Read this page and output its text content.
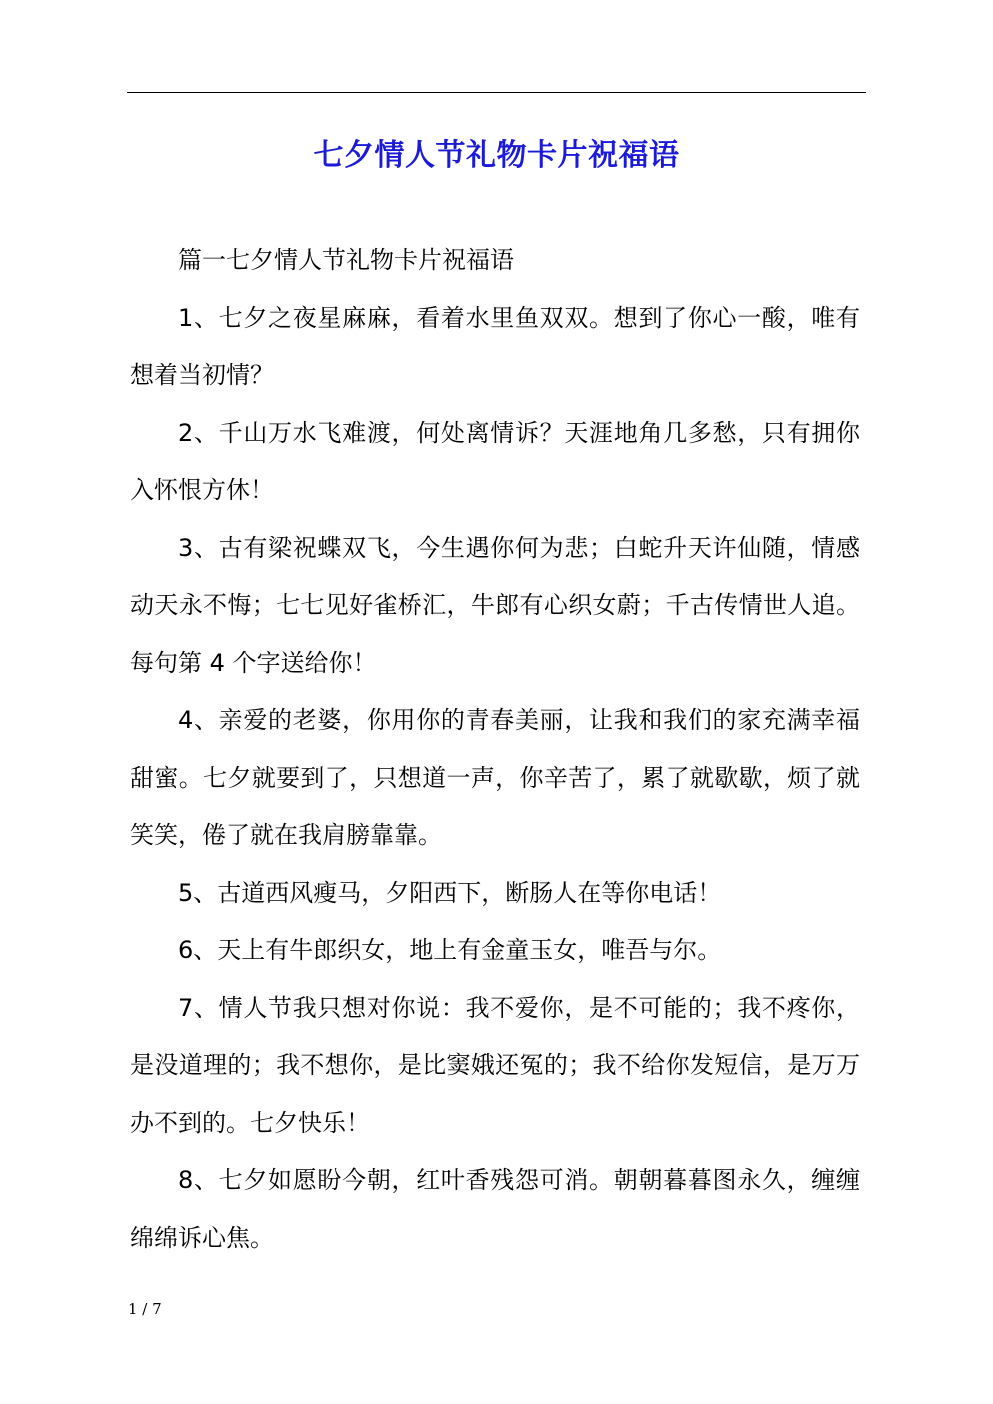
七夕情人节礼物卡片祝福语

篇一七夕情人节礼物卡片祝福语

1、七夕之夜星麻麻，看着水里鱼双双。想到了你心一酸，唯有想着当初情？

2、千山万水飞难渡，何处离情诉？天涯地角几多愁，只有拥你入怀恨方休！

3、古有梁祝蝶双飞，今生遇你何为悲；白蛇升天许仙随，情感动天永不悔；七七见好雀桥汇，牛郎有心织女蔚；千古传情世人追。每句第 4 个字送给你！

4、亲爱的老婆，你用你的青春美丽，让我和我们的家充满幸福甜蜜。七夕就要到了，只想道一声，你辛苦了，累了就歇歇，烦了就笑笑，倦了就在我肩膀靠靠。

5、古道西风瘦马，夕阳西下，断肠人在等你电话！

6、天上有牛郎织女，地上有金童玉女，唯吾与尔。

7、情人节我只想对你说：我不爱你，是不可能的；我不疼你，是没道理的；我不想你，是比窦娥还冤的；我不给你发短信，是万万办不到的。七夕快乐！

8、七夕如愿盼今朝，红叶香残怨可消。朝朝暮暮图永久，缠缠绵绵诉心焦。

1 / 7
